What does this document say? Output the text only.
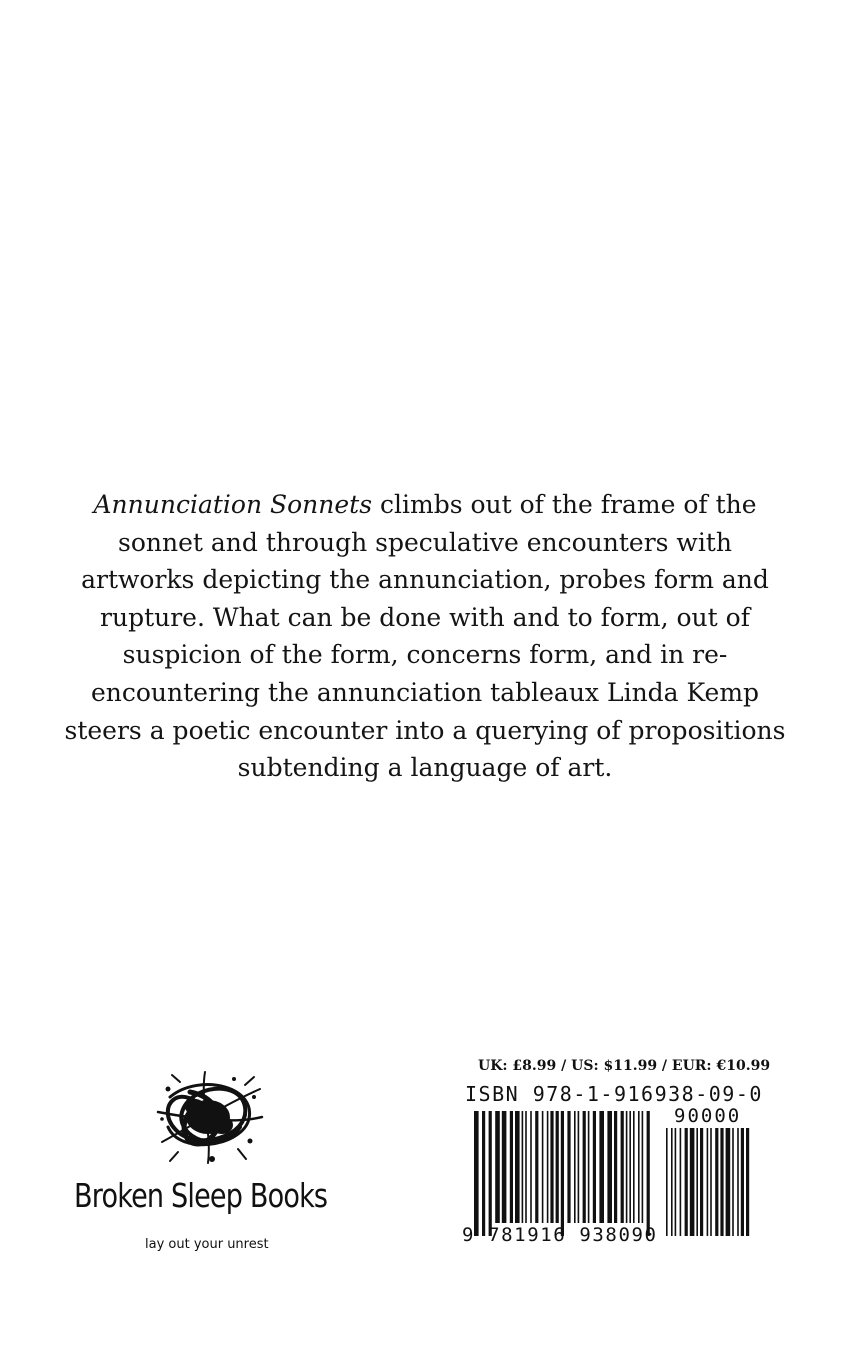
Annunciation Sonnets climbs out of the frame of the sonnet and through speculative encounters with artworks depicting the annunciation, probes form and rupture. What can be done with and to form, out of suspicion of the form, concerns form, and in re-encountering the annunciation tableaux Linda Kemp steers a poetic encounter into a querying of propositions subtending a language of art.
Broken Sleep Books
lay out your unrest
UK: £8.99 / US: $11.99 / EUR: €10.99
ISBN 978-1-916938-09-0
9 781916 938090
90000
